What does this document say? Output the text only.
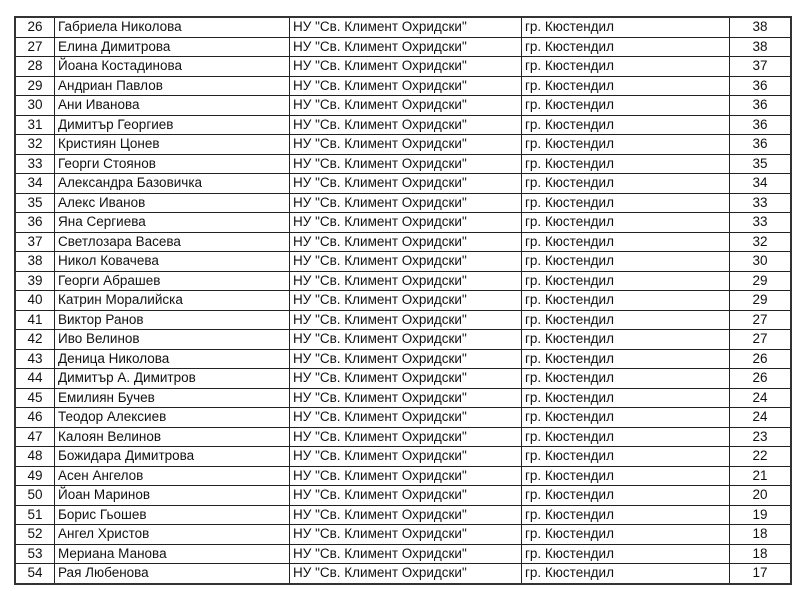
26	Габриела Николова	НУ "Св. Климент Охридски"	гр. Кюстендил	38
27	Елина Димитрова	НУ "Св. Климент Охридски"	гр. Кюстендил	38
28	Йоана Костадинова	НУ "Св. Климент Охридски"	гр. Кюстендил	37
29	Андриан Павлов	НУ "Св. Климент Охридски"	гр. Кюстендил	36
30	Ани Иванова	НУ "Св. Климент Охридски"	гр. Кюстендил	36
31	Димитър Георгиев	НУ "Св. Климент Охридски"	гр. Кюстендил	36
32	Кристиян Цонев	НУ "Св. Климент Охридски"	гр. Кюстендил	36
33	Георги Стоянов	НУ "Св. Климент Охридски"	гр. Кюстендил	35
34	Александра Базовичка	НУ "Св. Климент Охридски"	гр. Кюстендил	34
35	Алекс Иванов	НУ "Св. Климент Охридски"	гр. Кюстендил	33
36	Яна Сергиева	НУ "Св. Климент Охридски"	гр. Кюстендил	33
37	Светлозара Васева	НУ "Св. Климент Охридски"	гр. Кюстендил	32
38	Никол Ковачева	НУ "Св. Климент Охридски"	гр. Кюстендил	30
39	Георги Абрашев	НУ "Св. Климент Охридски"	гр. Кюстендил	29
40	Катрин Моралийска	НУ "Св. Климент Охридски"	гр. Кюстендил	29
41	Виктор Ранов	НУ "Св. Климент Охридски"	гр. Кюстендил	27
42	Иво Велинов	НУ "Св. Климент Охридски"	гр. Кюстендил	27
43	Деница Николова	НУ "Св. Климент Охридски"	гр. Кюстендил	26
44	Димитър А. Димитров	НУ "Св. Климент Охридски"	гр. Кюстендил	26
45	Емилиян Бучев	НУ "Св. Климент Охридски"	гр. Кюстендил	24
46	Теодор Алексиев	НУ "Св. Климент Охридски"	гр. Кюстендил	24
47	Калоян Велинов	НУ "Св. Климент Охридски"	гр. Кюстендил	23
48	Божидара Димитрова	НУ "Св. Климент Охридски"	гр. Кюстендил	22
49	Асен Ангелов	НУ "Св. Климент Охридски"	гр. Кюстендил	21
50	Йоан Маринов	НУ "Св. Климент Охридски"	гр. Кюстендил	20
51	Борис Гьошев	НУ "Св. Климент Охридски"	гр. Кюстендил	19
52	Ангел Христов	НУ "Св. Климент Охридски"	гр. Кюстендил	18
53	Мериана Манова	НУ "Св. Климент Охридски"	гр. Кюстендил	18
54	Рая Любенова	НУ "Св. Климент Охридски"	гр. Кюстендил	17
